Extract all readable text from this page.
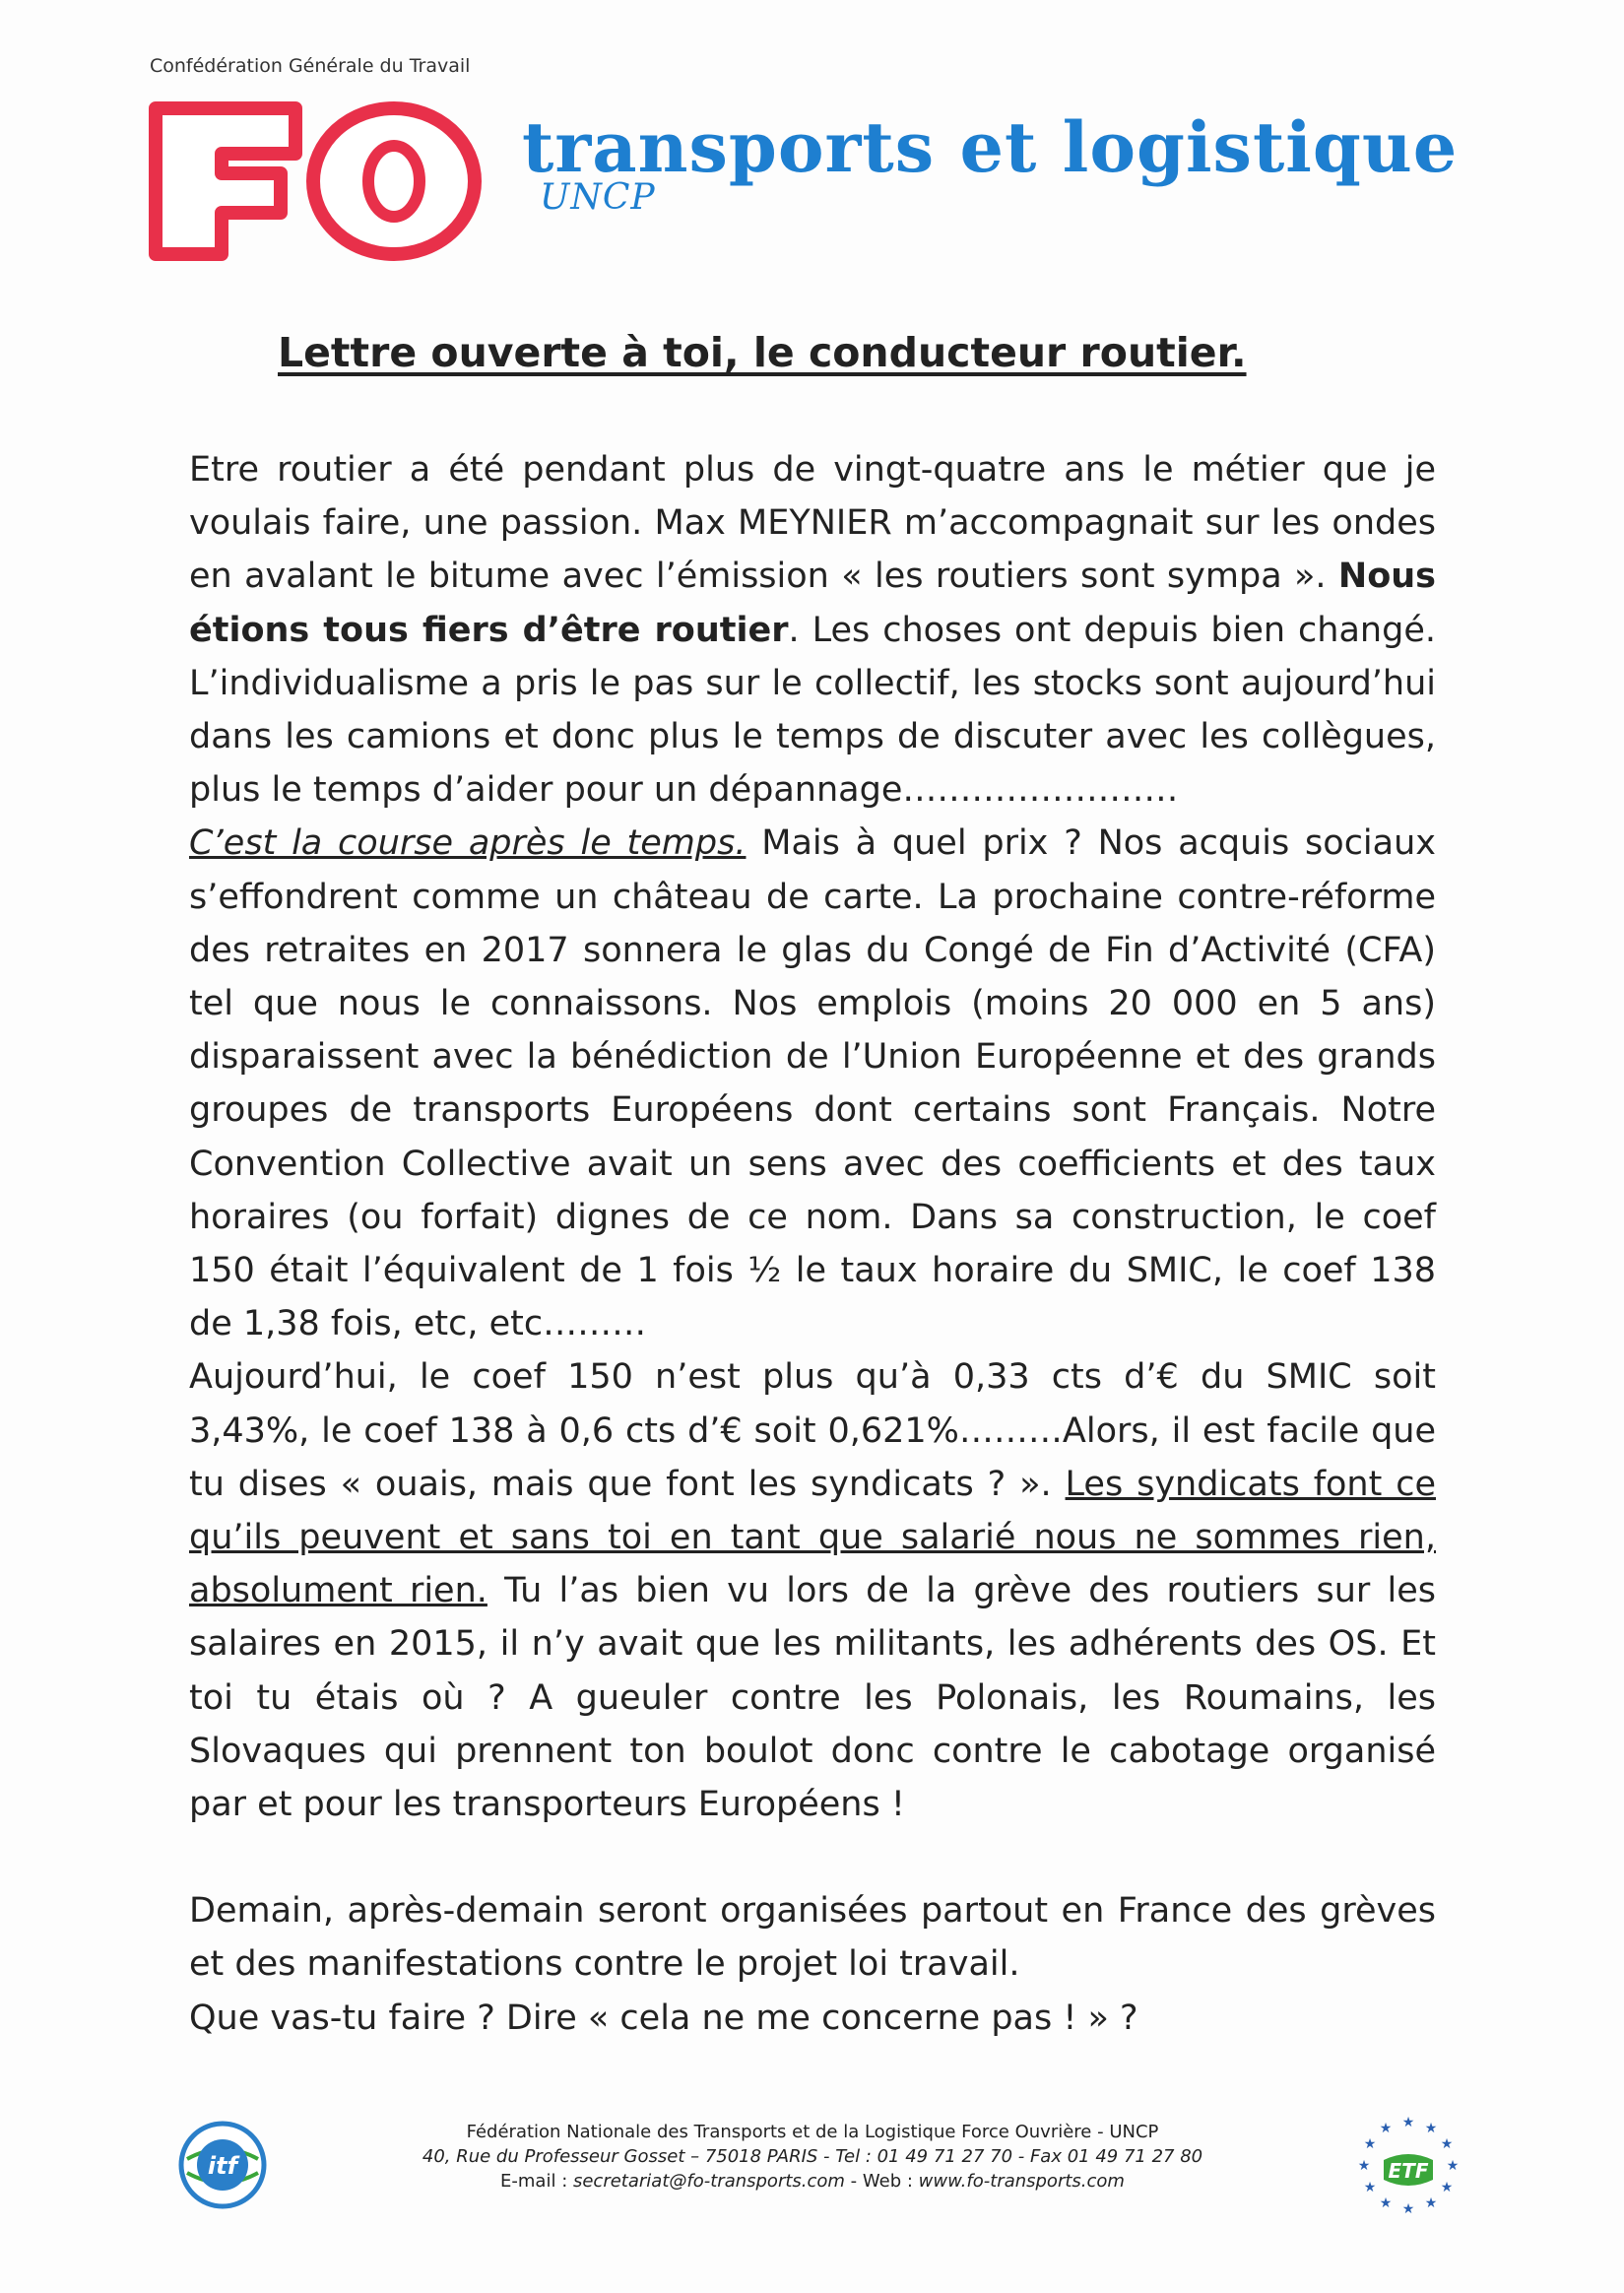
Confédération Générale du Travail
FO
transports et logistique
UNCP
Lettre ouverte à toi, le conducteur routier.

Etre routier a été pendant plus de vingt-quatre ans le métier que je voulais faire, une passion. Max MEYNIER m’accompagnait sur les ondes en avalant le bitume avec l’émission « les routiers sont sympa ». Nous étions tous fiers d’être routier. Les choses ont depuis bien changé. L’individualisme a pris le pas sur le collectif, les stocks sont aujourd’hui dans les camions et donc plus le temps de discuter avec les collègues, plus le temps d’aider pour un dépannage……………………

C’est la course après le temps. Mais à quel prix ? Nos acquis sociaux s’effondrent comme un château de carte. La prochaine contre-réforme des retraites en 2017 sonnera le glas du Congé de Fin d’Activité (CFA) tel que nous le connaissons. Nos emplois (moins 20 000 en 5 ans) disparaissent avec la bénédiction de l’Union Européenne et des grands groupes de transports Européens dont certains sont Français. Notre Convention Collective avait un sens avec des coefficients et des taux horaires (ou forfait) dignes de ce nom. Dans sa construction, le coef 150 était l’équivalent de 1 fois ½ le taux horaire du SMIC, le coef 138 de 1,38 fois, etc, etc………

Aujourd’hui, le coef 150 n’est plus qu’à 0,33 cts d’€ du SMIC soit 3,43%, le coef 138 à 0,6 cts d’€ soit 0,621%………Alors, il est facile que tu dises « ouais, mais que font les syndicats ? ». Les syndicats font ce qu’ils peuvent et sans toi en tant que salarié nous ne sommes rien, absolument rien. Tu l’as bien vu lors de la grève des routiers sur les salaires en 2015, il n’y avait que les militants, les adhérents des OS. Et toi tu étais où ? A gueuler contre les Polonais, les Roumains, les Slovaques qui prennent ton boulot donc contre le cabotage organisé par et pour les transporteurs Européens !

Demain, après-demain seront organisées partout en France des grèves et des manifestations contre le projet loi travail.
Que vas-tu faire ? Dire « cela ne me concerne pas ! » ?

itf
Fédération Nationale des Transports et de la Logistique Force Ouvrière - UNCP
40, Rue du Professeur Gosset – 75018 PARIS - Tel : 01 49 71 27 70 - Fax 01 49 71 27 80
E-mail : secretariat@fo-transports.com - Web : www.fo-transports.com
★ ★
★
★
★
★
★
★
★
★
★
★
ETF
